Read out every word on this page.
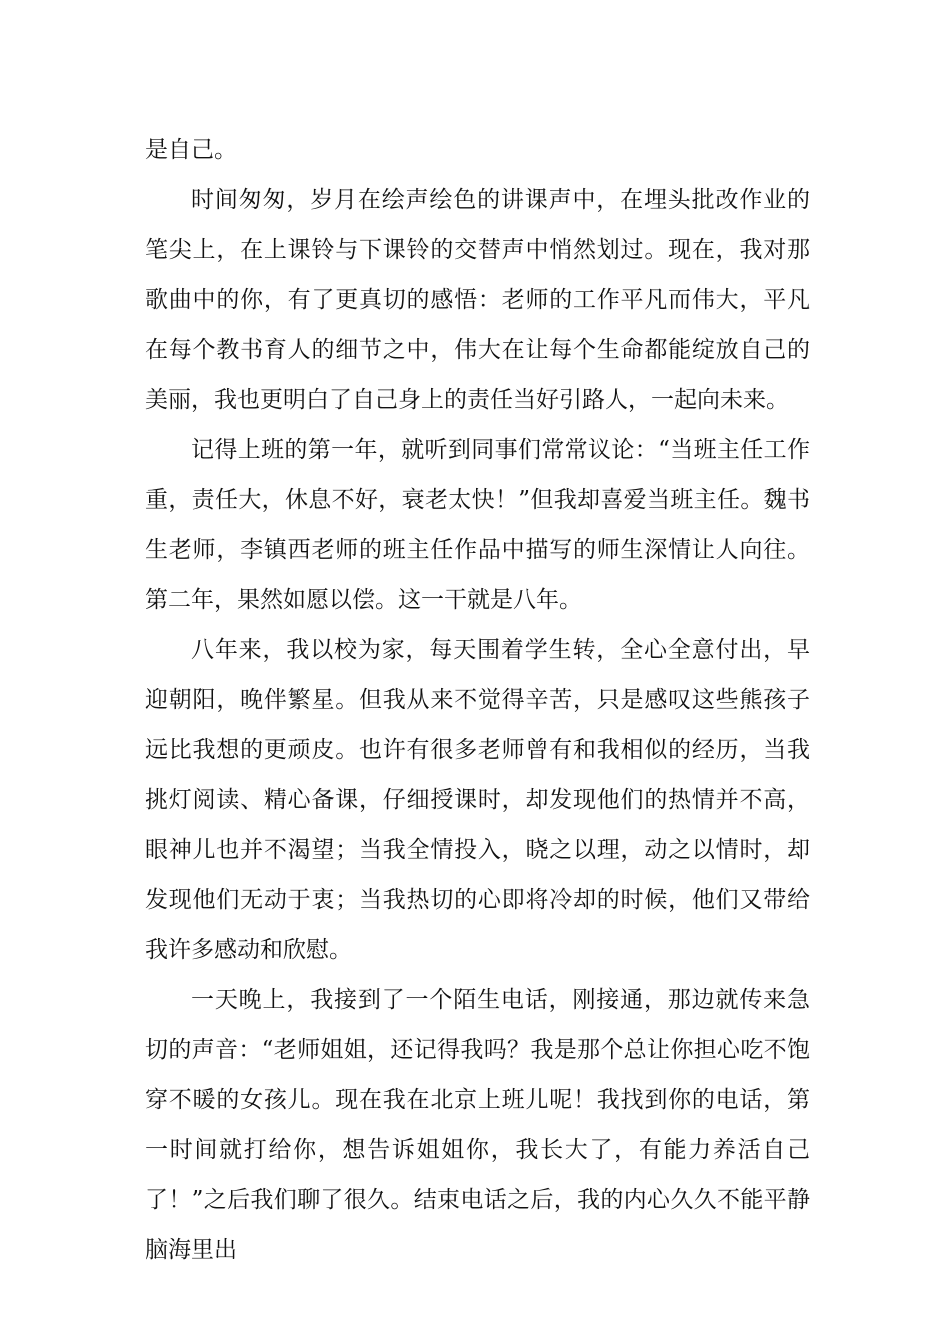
是自己。

时间匆匆，岁月在绘声绘色的讲课声中，在埋头批改作业的笔尖上，在上课铃与下课铃的交替声中悄然划过。现在，我对那歌曲中的你，有了更真切的感悟：老师的工作平凡而伟大，平凡在每个教书育人的细节之中，伟大在让每个生命都能绽放自己的美丽，我也更明白了自己身上的责任当好引路人，一起向未来。

记得上班的第一年，就听到同事们常常议论：“当班主任工作重，责任大，休息不好，衰老太快！”但我却喜爱当班主任。魏书生老师，李镇西老师的班主任作品中描写的师生深情让人向往。第二年，果然如愿以偿。这一干就是八年。

八年来，我以校为家，每天围着学生转，全心全意付出，早迎朝阳，晚伴繁星。但我从来不觉得辛苦，只是感叹这些熊孩子远比我想的更顽皮。也许有很多老师曾有和我相似的经历，当我挑灯阅读、精心备课，仔细授课时，却发现他们的热情并不高，眼神儿也并不渴望；当我全情投入，晓之以理，动之以情时，却发现他们无动于衷；当我热切的心即将冷却的时候，他们又带给我许多感动和欣慰。

一天晚上，我接到了一个陌生电话，刚接通，那边就传来急切的声音：“老师姐姐，还记得我吗？我是那个总让你担心吃不饱穿不暖的女孩儿。现在我在北京上班儿呢！我找到你的电话，第一时间就打给你，想告诉姐姐你，我长大了，有能力养活自己了！”之后我们聊了很久。结束电话之后，我的内心久久不能平静脑海里出
